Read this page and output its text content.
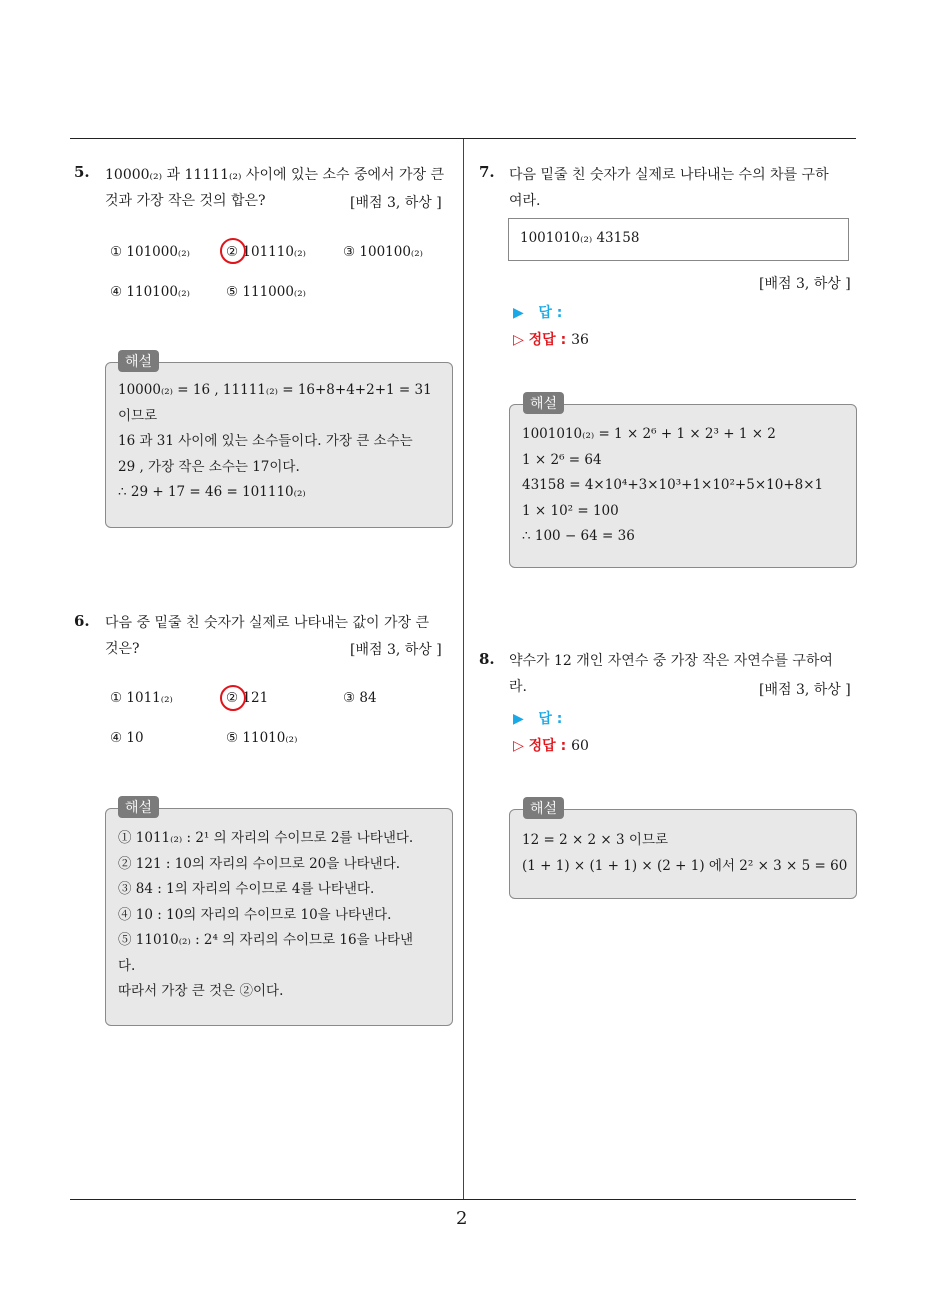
2
5. 10000₍₂₎ 과 11111₍₂₎ 사이에 있는 소수 중에서 가장 큰
것과 가장 작은 것의 합은?	[배점 3, 하상 ]
① 101000₍₂₎	② 101110₍₂₎	③ 100100₍₂₎
④ 110100₍₂₎	⑤ 111000₍₂₎
해설
10000₍₂₎ = 16 , 11111₍₂₎ = 16+8+4+2+1 = 31
이므로
16 과 31 사이에 있는 소수들이다. 가장 큰 소수는
29 , 가장 작은 소수는 17이다.
∴ 29 + 17 = 46 = 101110₍₂₎
6. 다음 중 밑줄 친 숫자가 실제로 나타내는 값이 가장 큰
것은?	[배점 3, 하상 ]
① 1011₍₂₎	② 121	③ 84
④ 10	⑤ 11010₍₂₎
해설
① 1011₍₂₎ : 2¹ 의 자리의 수이므로 2를 나타낸다.
② 121 : 10의 자리의 수이므로 20을 나타낸다.
③ 84 : 1의 자리의 수이므로 4를 나타낸다.
④ 10 : 10의 자리의 수이므로 10을 나타낸다.
⑤ 11010₍₂₎ : 2⁴ 의 자리의 수이므로 16을 나타낸
다.
따라서 가장 큰 것은 ②이다.
7. 다음 밑줄 친 숫자가 실제로 나타내는 수의 차를 구하
여라.
1001010₍₂₎ 43158
[배점 3, 하상 ]
▶ 답 :
▷ 정답 : 36
해설
1001010₍₂₎ = 1 × 2⁶ + 1 × 2³ + 1 × 2
1 × 2⁶ = 64
43158 = 4×10⁴+3×10³+1×10²+5×10+8×1
1 × 10² = 100
∴ 100 − 64 = 36
8. 약수가 12 개인 자연수 중 가장 작은 자연수를 구하여
라.	[배점 3, 하상 ]
▶ 답 :
▷ 정답 : 60
해설
12 = 2 × 2 × 3 이므로
(1 + 1) × (1 + 1) × (2 + 1) 에서 2² × 3 × 5 = 60
